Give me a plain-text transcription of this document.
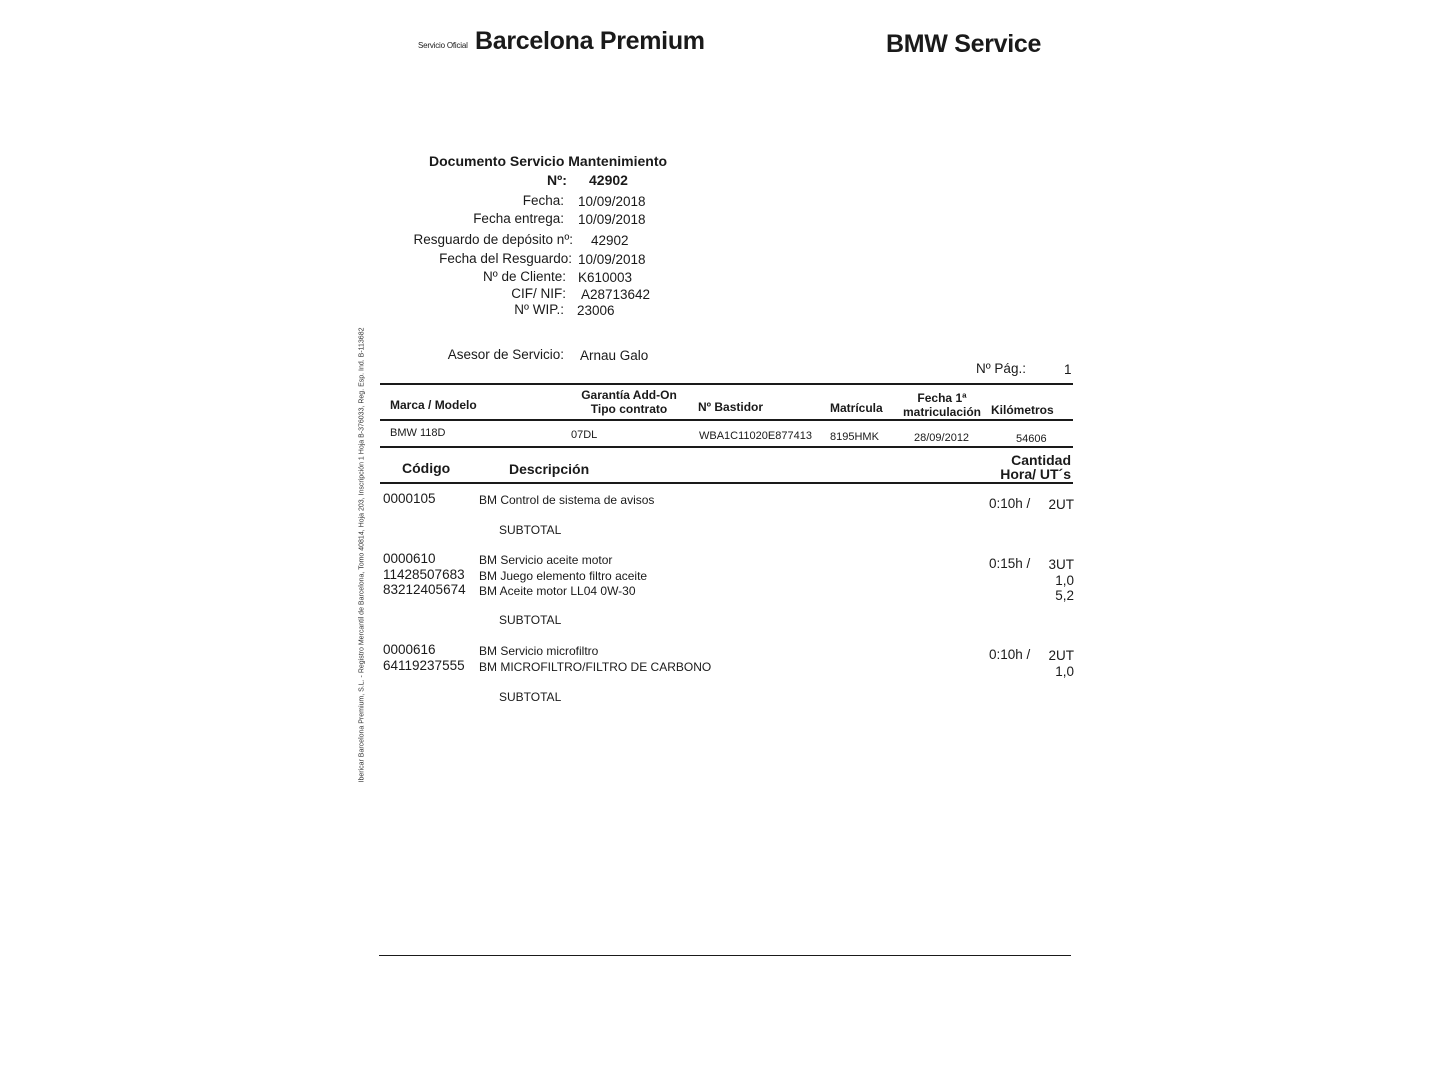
Servicio Oficial Barcelona Premium	BMW Service
Documento Servicio Mantenimiento
Nº: 42902
Fecha: 10/09/2018
Fecha entrega: 10/09/2018
Resguardo de depósito nº: 42902
Fecha del Resguardo: 10/09/2018
Nº de Cliente: K610003
CIF/ NIF: A28713642
Nº WIP.: 23006
Asesor de Servicio: Arnau Galo
Nº Pág.:	1
Marca / Modelo
Garantía Add-On
Tipo contrato	Nº Bastidor	Matrícula
Fecha 1ª
matriculación Kilómetros
BMW 118D	07DL	WBA1C11020E877413 8195HMK	28/09/2012	54606
Código	Descripción
Cantidad
Hora/ UT´s
0000105	BM Control de sistema de avisos	0:10h / 2UT
SUBTOTAL
0000610	BM Servicio aceite motor	0:15h / 3UT
11428507683 BM Juego elemento filtro aceite	1,0
83212405674 BM Aceite motor LL04 0W-30	5,2
SUBTOTAL
0000616	BM Servicio microfiltro	0:10h / 2UT
64119237555 BM MICROFILTRO/FILTRO DE CARBONO	1,0
SUBTOTAL
Ibericar Barcelona Premium, S.L. - Registro Mercantil de Barcelona, Tomo 40814, Hoja 203, Inscripción 1 Hoja B-376033, Reg. Esp. Ind. B-113682
